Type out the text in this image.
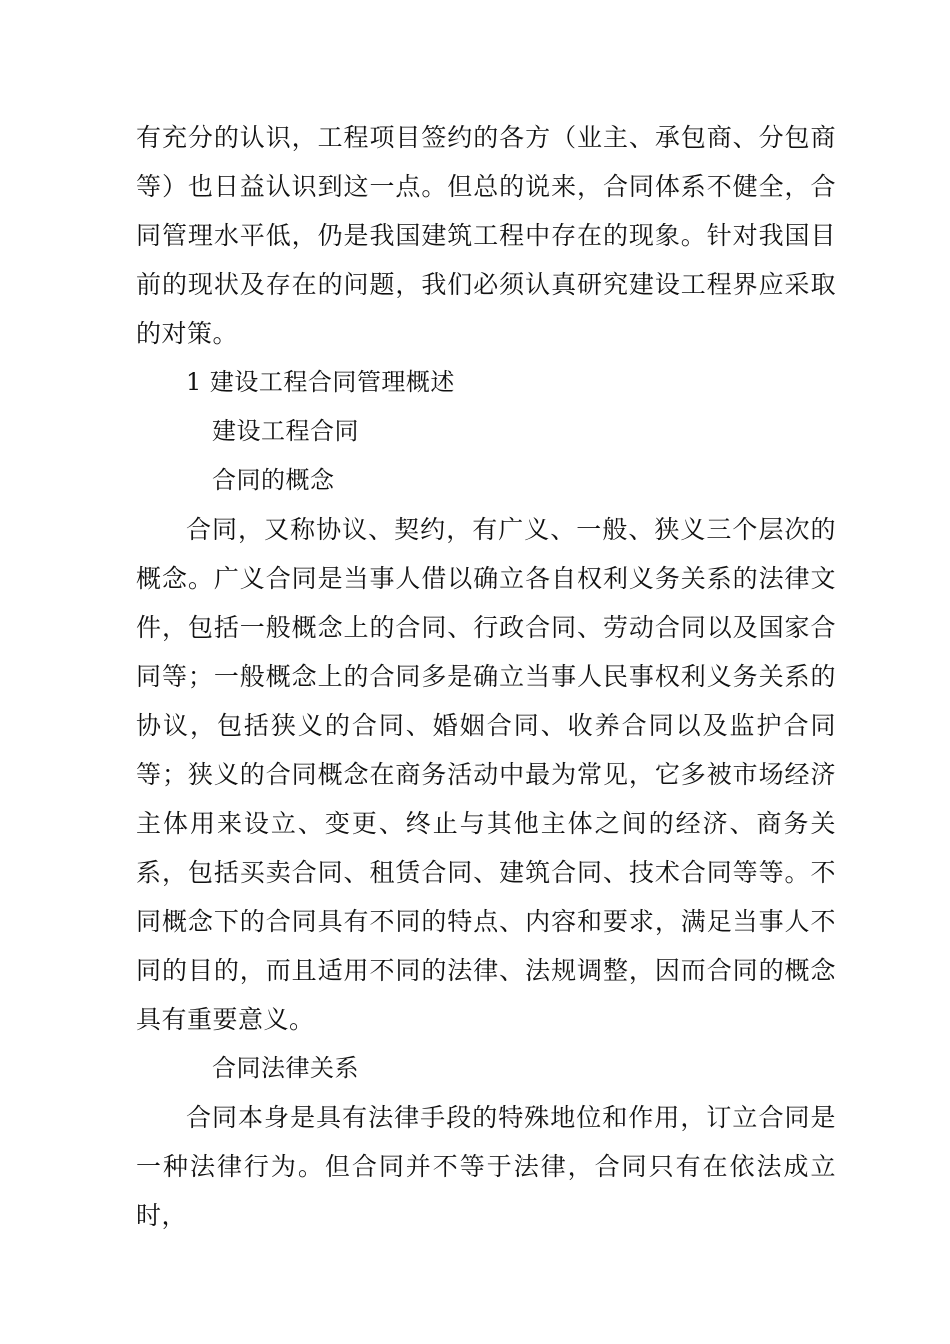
有充分的认识，工程项目签约的各方（业主、承包商、分包商等）也日益认识到这一点。但总的说来，合同体系不健全，合同管理水平低，仍是我国建筑工程中存在的现象。针对我国目前的现状及存在的问题，我们必须认真研究建设工程界应采取的对策。

1 建设工程合同管理概述

建设工程合同

合同的概念

合同，又称协议、契约，有广义、一般、狭义三个层次的概念。广义合同是当事人借以确立各自权利义务关系的法律文件，包括一般概念上的合同、行政合同、劳动合同以及国家合同等；一般概念上的合同多是确立当事人民事权利义务关系的协议，包括狭义的合同、婚姻合同、收养合同以及监护合同等；狭义的合同概念在商务活动中最为常见，它多被市场经济主体用来设立、变更、终止与其他主体之间的经济、商务关系，包括买卖合同、租赁合同、建筑合同、技术合同等等。不同概念下的合同具有不同的特点、内容和要求，满足当事人不同的目的，而且适用不同的法律、法规调整，因而合同的概念具有重要意义。

合同法律关系

合同本身是具有法律手段的特殊地位和作用，订立合同是一种法律行为。但合同并不等于法律，合同只有在依法成立时，
